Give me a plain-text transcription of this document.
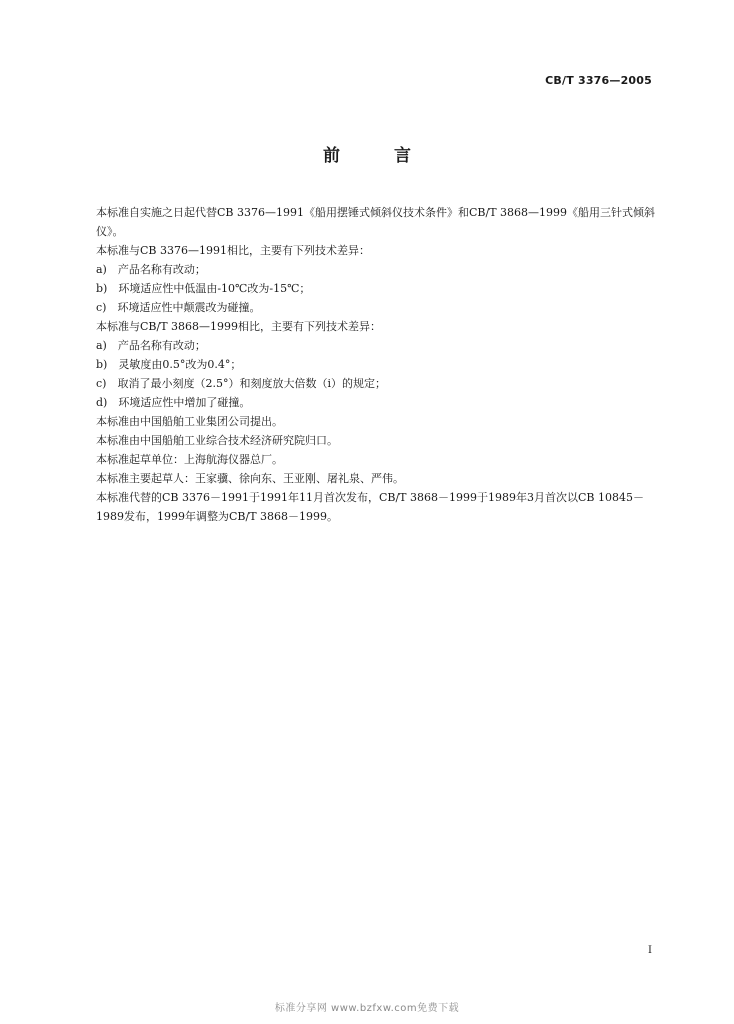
CB/T 3376—2005
前 言

本标准自实施之日起代替CB 3376—1991《船用摆锤式倾斜仪技术条件》和CB/T 3868—1999《船用三针式倾斜仪》。

本标准与CB 3376—1991相比，主要有下列技术差异：

a)　产品名称有改动；

b)　环境适应性中低温由-10℃改为-15℃；

c)　环境适应性中颠震改为碰撞。

本标准与CB/T 3868—1999相比，主要有下列技术差异：

a)　产品名称有改动；

b)　灵敏度由0.5°改为0.4°；

c)　取消了最小刻度（2.5°）和刻度放大倍数（i）的规定；

d)　环境适应性中增加了碰撞。

本标准由中国船舶工业集团公司提出。

本标准由中国船舶工业综合技术经济研究院归口。

本标准起草单位：上海航海仪器总厂。

本标准主要起草人：王家骥、徐向东、王亚刚、屠礼泉、严伟。

本标准代替的CB 3376－1991于1991年11月首次发布，CB/T 3868－1999于1989年3月首次以CB 10845－1989发布，1999年调整为CB/T 3868－1999。

I
标准分享网 www.bzfxw.com免费下载
